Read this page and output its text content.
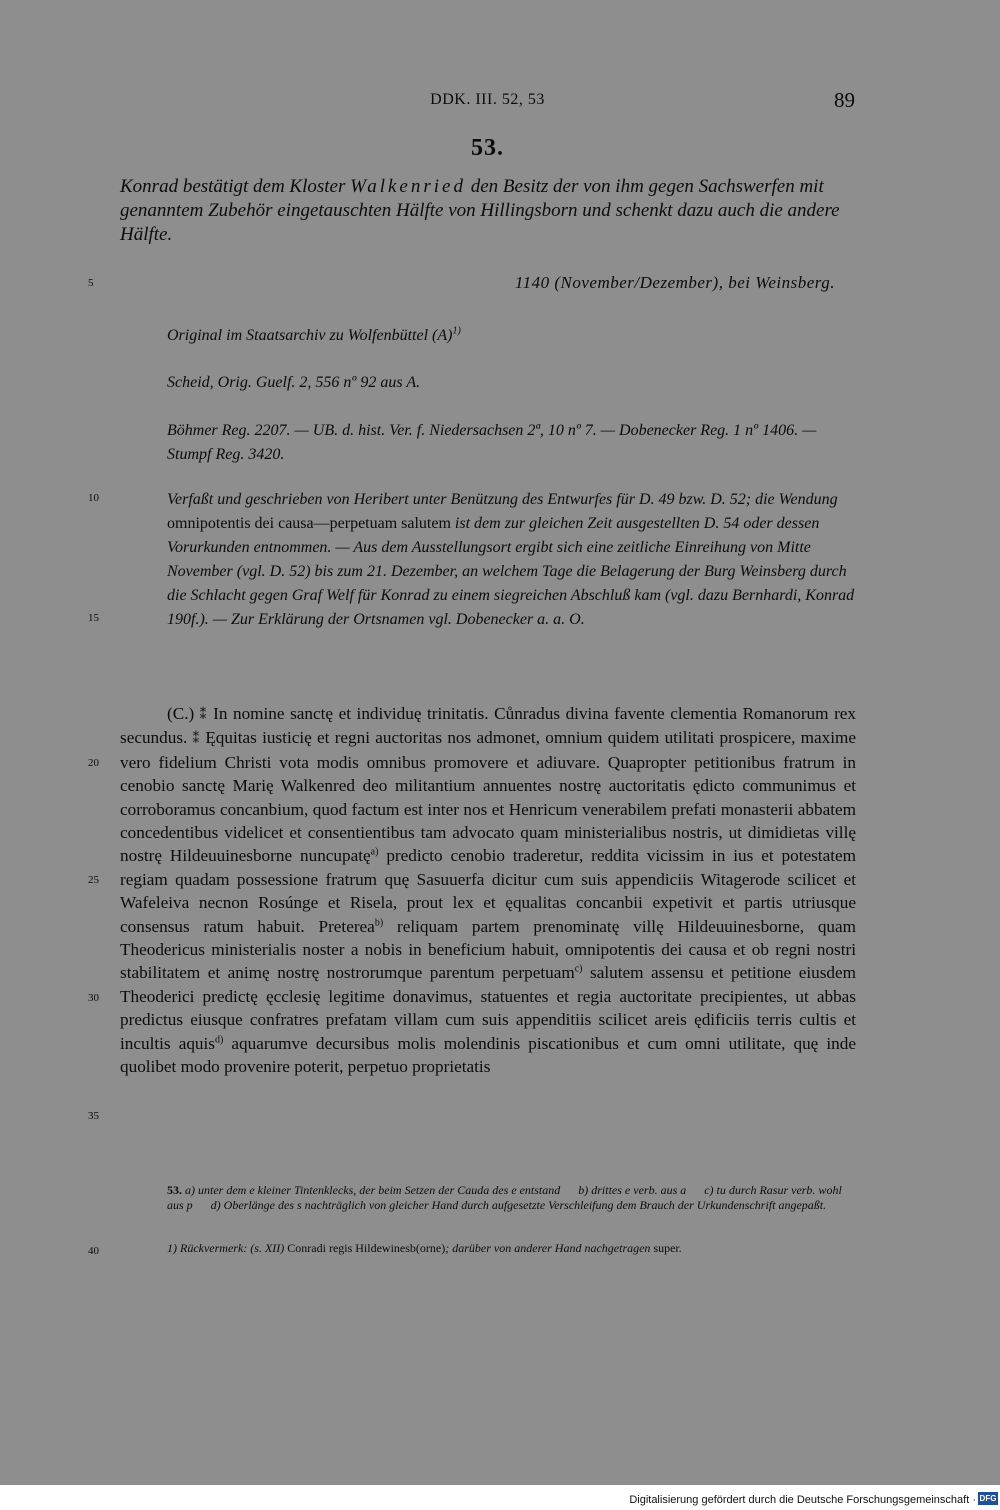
DDK. III. 52, 53	89
53.
Konrad bestätigt dem Kloster Walkenried den Besitz der von ihm gegen Sachswerfen mit genanntem Zubehör eingetauschten Hälfte von Hillingsborn und schenkt dazu auch die andere Hälfte.
5
10
15
20
25
30
35
40
1140 (November/Dezember), bei Weinsberg.
Original im Staatsarchiv zu Wolfenbüttel $(A)^{1)}$
Scheid, Orig. Guelf. 2, 556 nº 92 aus A.
Böhmer Reg. 2207. — UB. d. hist. Ver. f. Niedersachsen 2ª, 10 nº 7. — Dobenecker Reg. 1 nº 1406. — Stumpf Reg. 3420.
Verfaßt und geschrieben von Heribert unter Benützung des Entwurfes für D. 49 bzw. D. 52; die Wendung omnipotentis dei causa—perpetuam salutem ist dem zur gleichen Zeit ausgestellten D. 54 oder dessen Vorurkunden entnommen. — Aus dem Ausstellungsort ergibt sich eine zeitliche Einreihung von Mitte November (vgl. D. 52) bis zum 21. Dezember, an welchem Tage die Belagerung der Burg Weinsberg durch die Schlacht gegen Graf Welf für Konrad zu einem siegreichen Abschluß kam (vgl. dazu Bernhardi, Konrad 190f.). — Zur Erklärung der Ortsnamen vgl. Dobenecker a. a. O.

(C.) ⁑ In nomine sanctę et individuę trinitatis. Cůnradus divina favente clementia Romanorum rex secundus. ⁑ Ęquitas iusticię et regni auctoritas nos admonet, omnium quidem utilitati prospicere, maxime vero fidelium Christi vota modis omnibus promovere et adiuvare. Quapropter petitionibus fratrum in cenobio sanctę Marię Walkenred deo militantium annuentes nostrę auctoritatis ędicto communimus et corroboramus concanbium, quod factum est inter nos et Henricum venerabilem prefati monasterii abbatem concedentibus videlicet et consentientibus tam advocato quam ministerialibus nostris, ut dimidietas villę nostrę Hildeuuinesborne nuncupatę$^{a)}$ predicto cenobio traderetur, reddita vicissim in ius et potestatem regiam quadam possessione fratrum quę Sasuuerfa dicitur cum suis appendiciis Witagerode scilicet et Wafeleiva necnon Rosúnge et Risela, prout lex et ęqualitas concanbii expetivit et partis utriusque consensus ratum habuit. Preterea$^{b)}$ reliquam partem prenominatę villę Hildeuuinesborne, quam Theodericus ministerialis noster a nobis in beneficium habuit, omnipotentis dei causa et ob regni nostri stabilitatem et animę nostrę nostrorumque parentum perpetuam$^{c)}$ salutem assensu et petitione eiusdem Theoderici predictę ęcclesię legitime donavimus, statuentes et regia auctoritate precipientes, ut abbas predictus eiusque confratres prefatam villam cum suis appenditiis scilicet areis ędificiis terris cultis et incultis aquis$^{d)}$ aquarumve decursibus molis molendinis piscationibus et cum omni utilitate, quę inde quolibet modo provenire poterit, perpetuo proprietatis

53. a) unter dem e kleiner Tintenklecks, der beim Setzen der Cauda des e entstand b) drittes e verb. aus a c) tu durch Rasur verb. wohl aus p d) Oberlänge des s nachträglich von gleicher Hand durch aufgesetzte Verschleifung dem Brauch der Urkundenschrift angepaßt.
1) Rückvermerk: (s. XII) Conradi regis Hildewinesb(orne); darüber von anderer Hand nachgetragen super.
Digitalisierung gefördert durch die Deutsche Forschungsgemeinschaft · DFG
